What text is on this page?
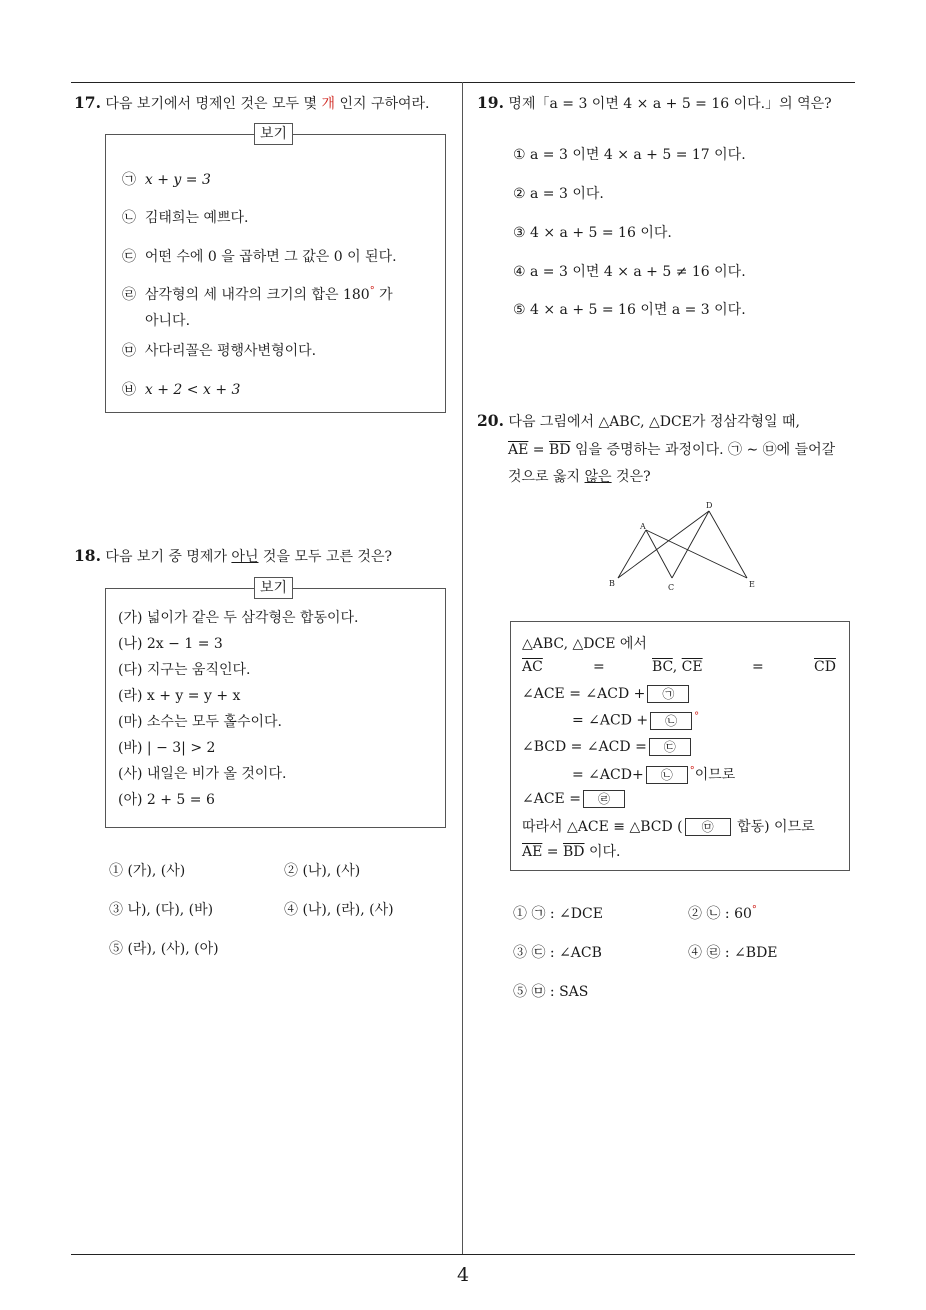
4
17. 다음 보기에서 명제인 것은 모두 몇 개 인지 구하여라.
보기
㉠ x + y = 3
㉡ 김태희는 예쁘다.
㉢ 어떤 수에 0 을 곱하면 그 값은 0 이 된다.
㉣ 삼각형의 세 내각의 크기의 합은 180° 가
아니다.
㉤ 사다리꼴은 평행사변형이다.
㉥ x + 2 < x + 3
18. 다음 보기 중 명제가 아닌 것을 모두 고른 것은?
보기
(가) 넓이가 같은 두 삼각형은 합동이다.
(나) 2x − 1 = 3
(다) 지구는 움직인다.
(라) x + y = y + x
(마) 소수는 모두 홀수이다.
(바) | − 3| > 2
(사) 내일은 비가 올 것이다.
(아) 2 + 5 = 6
① (가), (사)	② (나), (사)
③ 나), (다), (바)	④ (나), (라), (사)
⑤ (라), (사), (아)
19. 명제「a = 3 이면 4 × a + 5 = 16 이다.」의 역은?
① a = 3 이면 4 × a + 5 = 17 이다.
② a = 3 이다.
③ 4 × a + 5 = 16 이다.
④ a = 3 이면 4 × a + 5 ≠ 16 이다.
⑤ 4 × a + 5 = 16 이면 a = 3 이다.
20. 다음 그림에서 △ABC, △DCE가 정삼각형일 때,
$\overline{AE} = \overline{BD}$ 임을 증명하는 과정이다. ㉠ ∼ ㉤에 들어갈
것으로 옳지 않은 것은?
A
B	C
D
E
△ABC, △DCE 에서
$\overline{AC}$	=	$\overline{BC}$, $\overline{CE}$	=	$\overline{CD}$
∠ACE = ∠ACD + ㉠
= ∠ACD + ㉡ °
∠BCD = ∠ACD = ㉢
= ∠ACD+ ㉡ °이므로
∠ACE = ㉣
따라서 △ACE ≡ △BCD ( ㉤ 합동) 이므로
$\overline{AE} = \overline{BD}$ 이다.
① ㉠ : ∠DCE	② ㉡ : 60°
③ ㉢ : ∠ACB	④ ㉣ : ∠BDE
⑤ ㉤ : SAS
